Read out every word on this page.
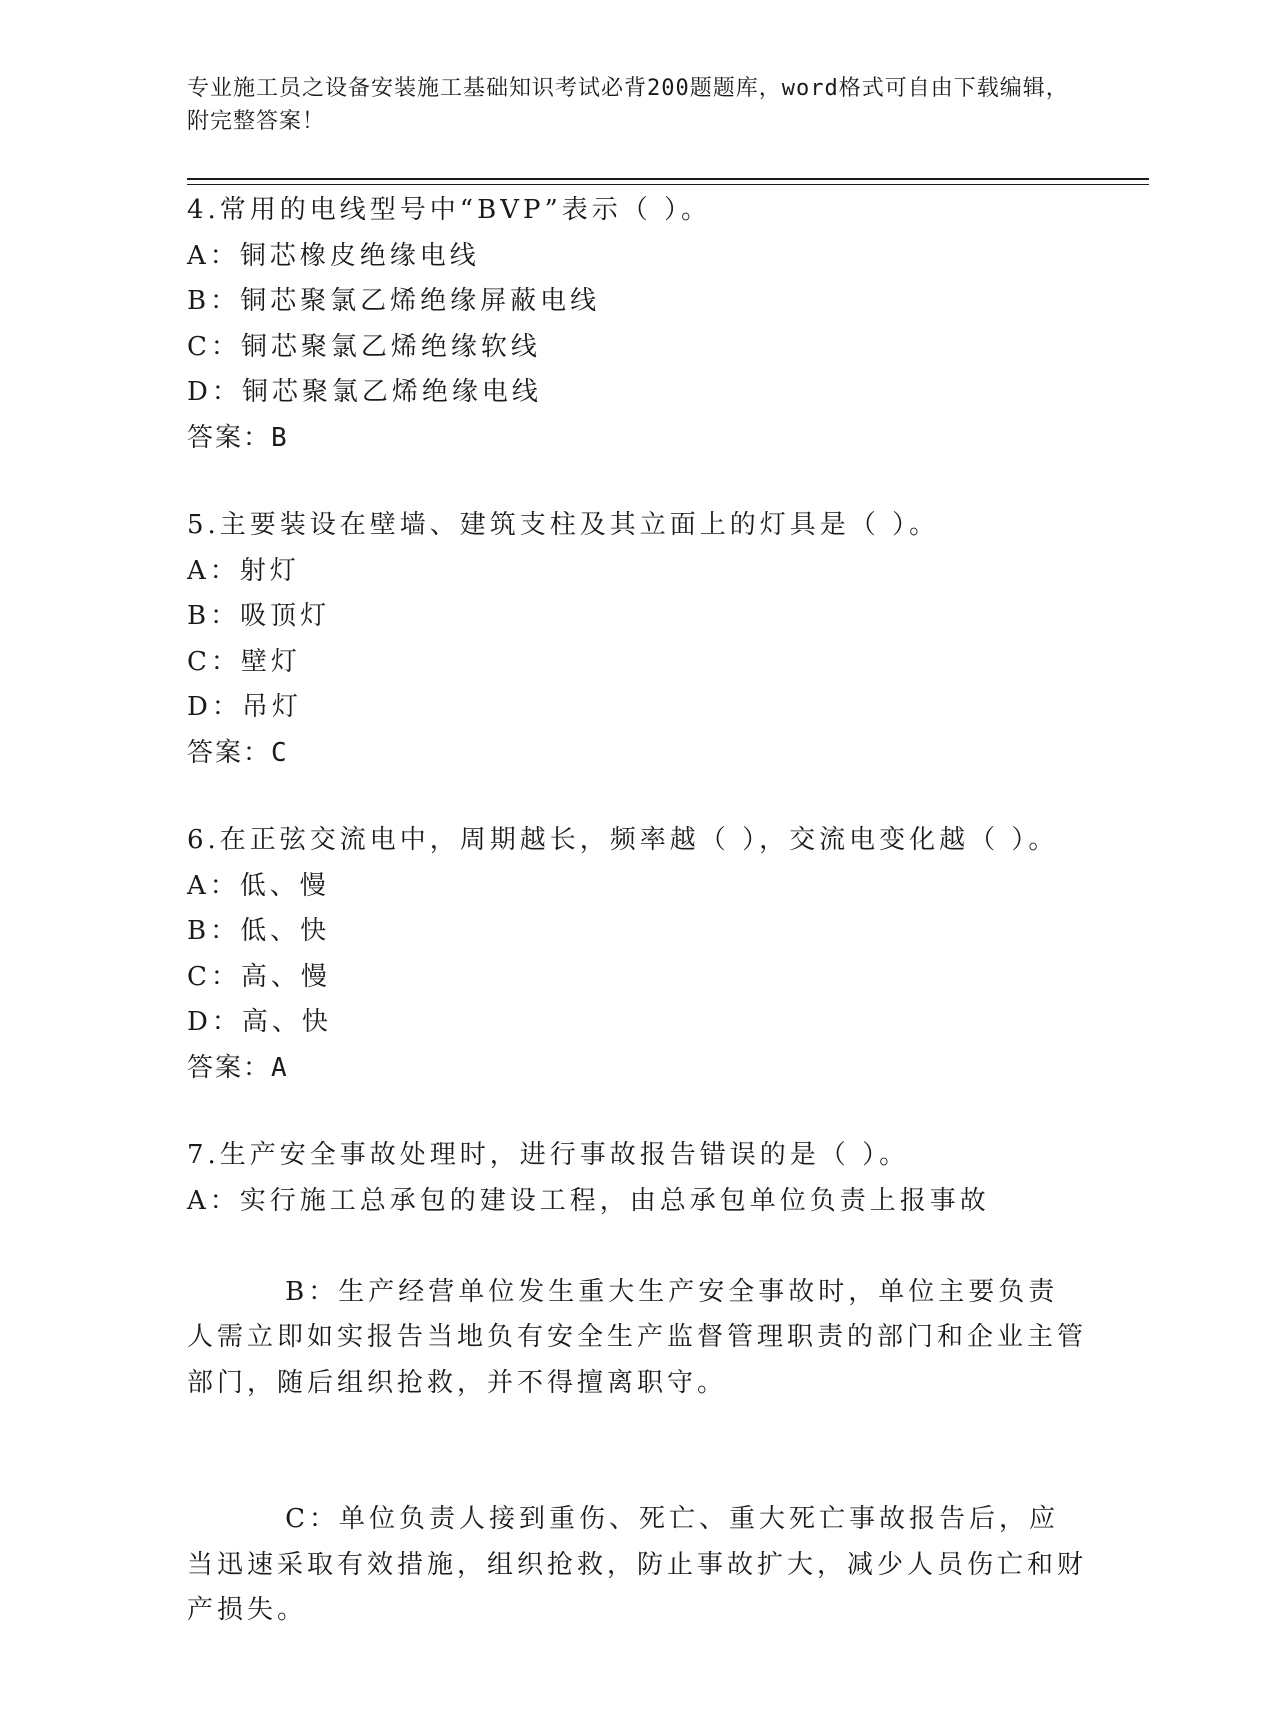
专业施工员之设备安装施工基础知识考试必背200题题库，word格式可自由下载编辑，附完整答案！
4.常用的电线型号中“BVP”表示（ ）。
A： 铜芯橡皮绝缘电线
B： 铜芯聚氯乙烯绝缘屏蔽电线
C： 铜芯聚氯乙烯绝缘软线
D： 铜芯聚氯乙烯绝缘电线
答案：B
5.主要装设在壁墙、建筑支柱及其立面上的灯具是（ ）。
A： 射灯
B： 吸顶灯
C： 壁灯
D： 吊灯
答案：C
6.在正弦交流电中，周期越长，频率越（ ），交流电变化越（ ）。
A： 低、慢
B： 低、快
C： 高、慢
D： 高、快
答案：A
7.生产安全事故处理时，进行事故报告错误的是（ ）。
A： 实行施工总承包的建设工程，由总承包单位负责上报事故

B：生产经营单位发生重大生产安全事故时，单位主要负责人需立即如实报告当地负有安全生产监督管理职责的部门和企业主管部门，随后组织抢救，并不得擅离职守。

C：单位负责人接到重伤、死亡、重大死亡事故报告后，应当迅速采取有效措施，组织抢救，防止事故扩大，减少人员伤亡和财产损失。
